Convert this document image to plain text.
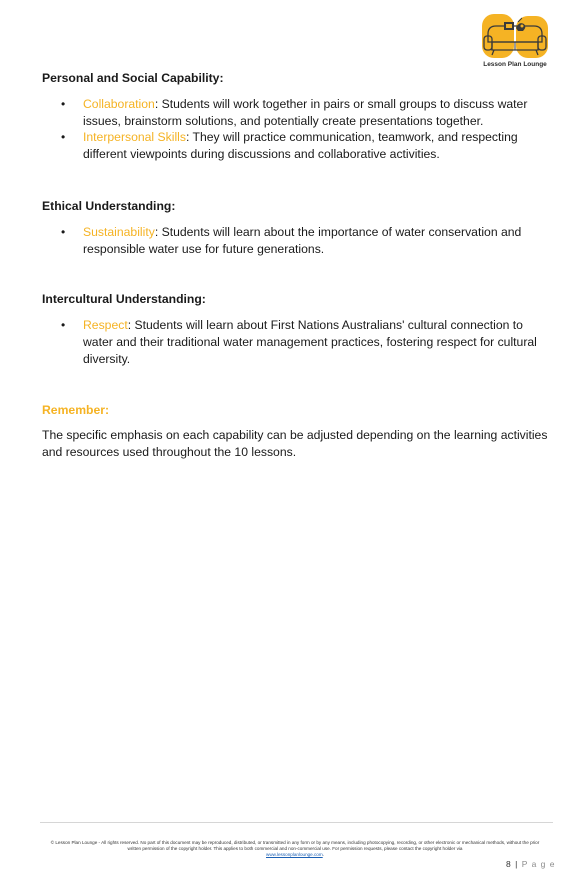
Lesson Plan Lounge
Personal and Social Capability:
• Collaboration: Students will work together in pairs or small groups to discuss water issues, brainstorm solutions, and potentially create presentations together.
• Interpersonal Skills: They will practice communication, teamwork, and respecting different viewpoints during discussions and collaborative activities.
Ethical Understanding:
• Sustainability: Students will learn about the importance of water conservation and responsible water use for future generations.
Intercultural Understanding:
• Respect: Students will learn about First Nations Australians' cultural connection to water and their traditional water management practices, fostering respect for cultural diversity.
Remember:

The specific emphasis on each capability can be adjusted depending on the learning activities and resources used throughout the 10 lessons.

© Lesson Plan Lounge - All rights reserved. No part of this document may be reproduced, distributed, or transmitted in any form or by any means, including photocopying, recording, or other electronic or mechanical methods, without the prior written permission of the copyright holder. This applies to both commercial and non-commercial use. For permission requests, please contact the copyright holder via
www.lessonplanlounge.com.
8 | P a g e
